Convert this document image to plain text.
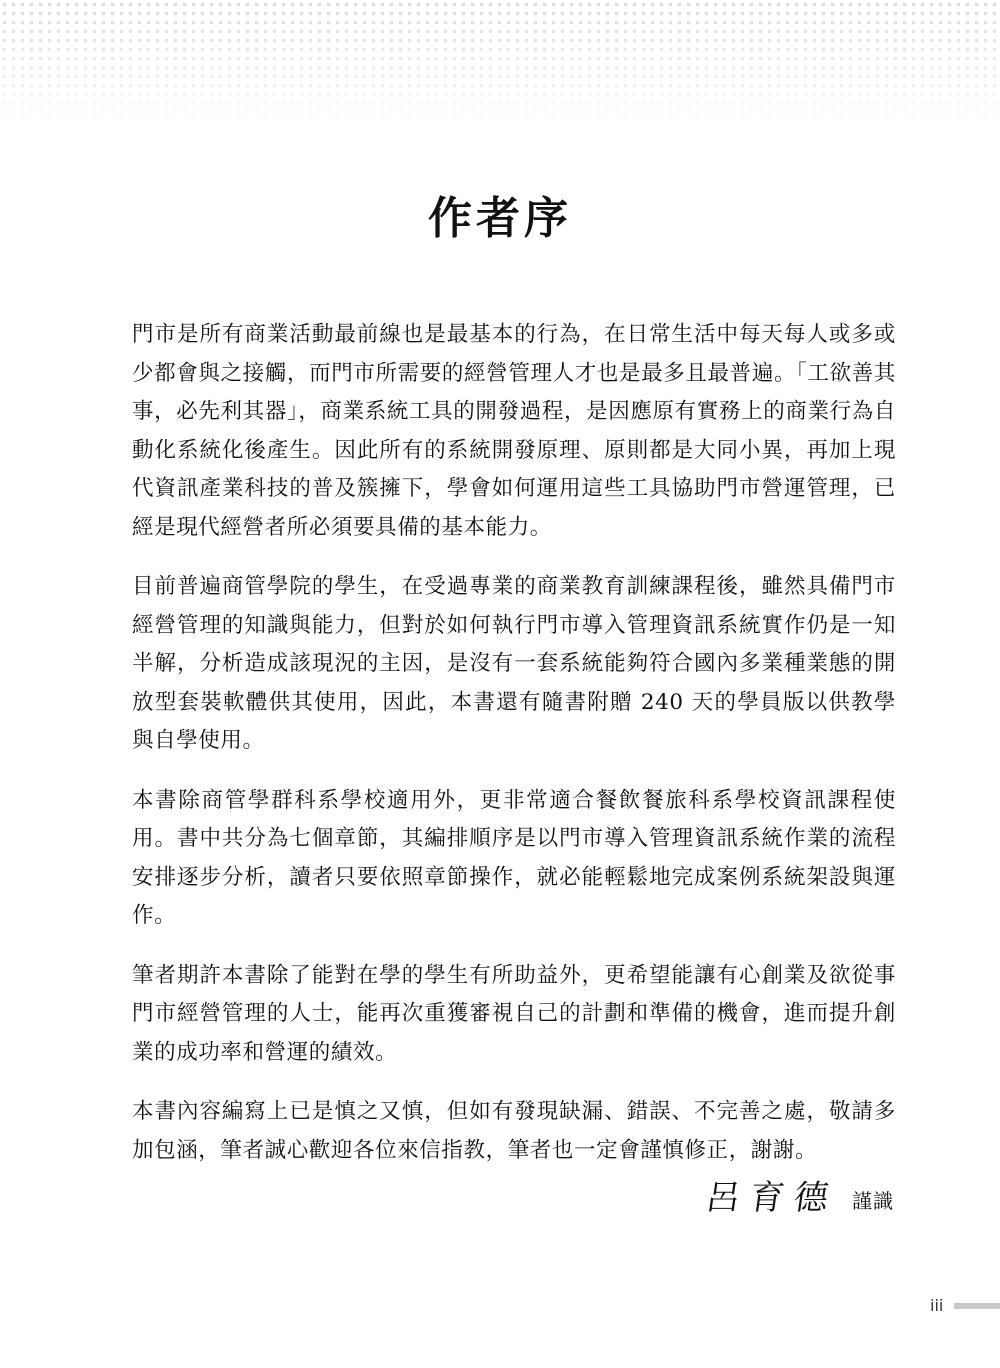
作者序

門市是所有商業活動最前線也是最基本的行為，在日常生活中每天每人或多或少都會與之接觸，而門市所需要的經營管理人才也是最多且最普遍。「工欲善其事，必先利其器」，商業系統工具的開發過程，是因應原有實務上的商業行為自動化系統化後產生。因此所有的系統開發原理、原則都是大同小異，再加上現代資訊產業科技的普及簇擁下，學會如何運用這些工具協助門市營運管理，已經是現代經營者所必須要具備的基本能力。

目前普遍商管學院的學生，在受過專業的商業教育訓練課程後，雖然具備門市經營管理的知識與能力，但對於如何執行門市導入管理資訊系統實作仍是一知半解，分析造成該現況的主因，是沒有一套系統能夠符合國內多業種業態的開放型套裝軟體供其使用，因此，本書還有隨書附贈 240 天的學員版以供教學與自學使用。

本書除商管學群科系學校適用外，更非常適合餐飲餐旅科系學校資訊課程使用。書中共分為七個章節，其編排順序是以門市導入管理資訊系統作業的流程安排逐步分析，讀者只要依照章節操作，就必能輕鬆地完成案例系統架設與運作。

筆者期許本書除了能對在學的學生有所助益外，更希望能讓有心創業及欲從事門市經營管理的人士，能再次重獲審視自己的計劃和準備的機會，進而提升創業的成功率和營運的績效。

本書內容編寫上已是慎之又慎，但如有發現缺漏、錯誤、不完善之處，敬請多加包涵，筆者誠心歡迎各位來信指教，筆者也一定會謹慎修正，謝謝。

呂育德 謹識
iii
